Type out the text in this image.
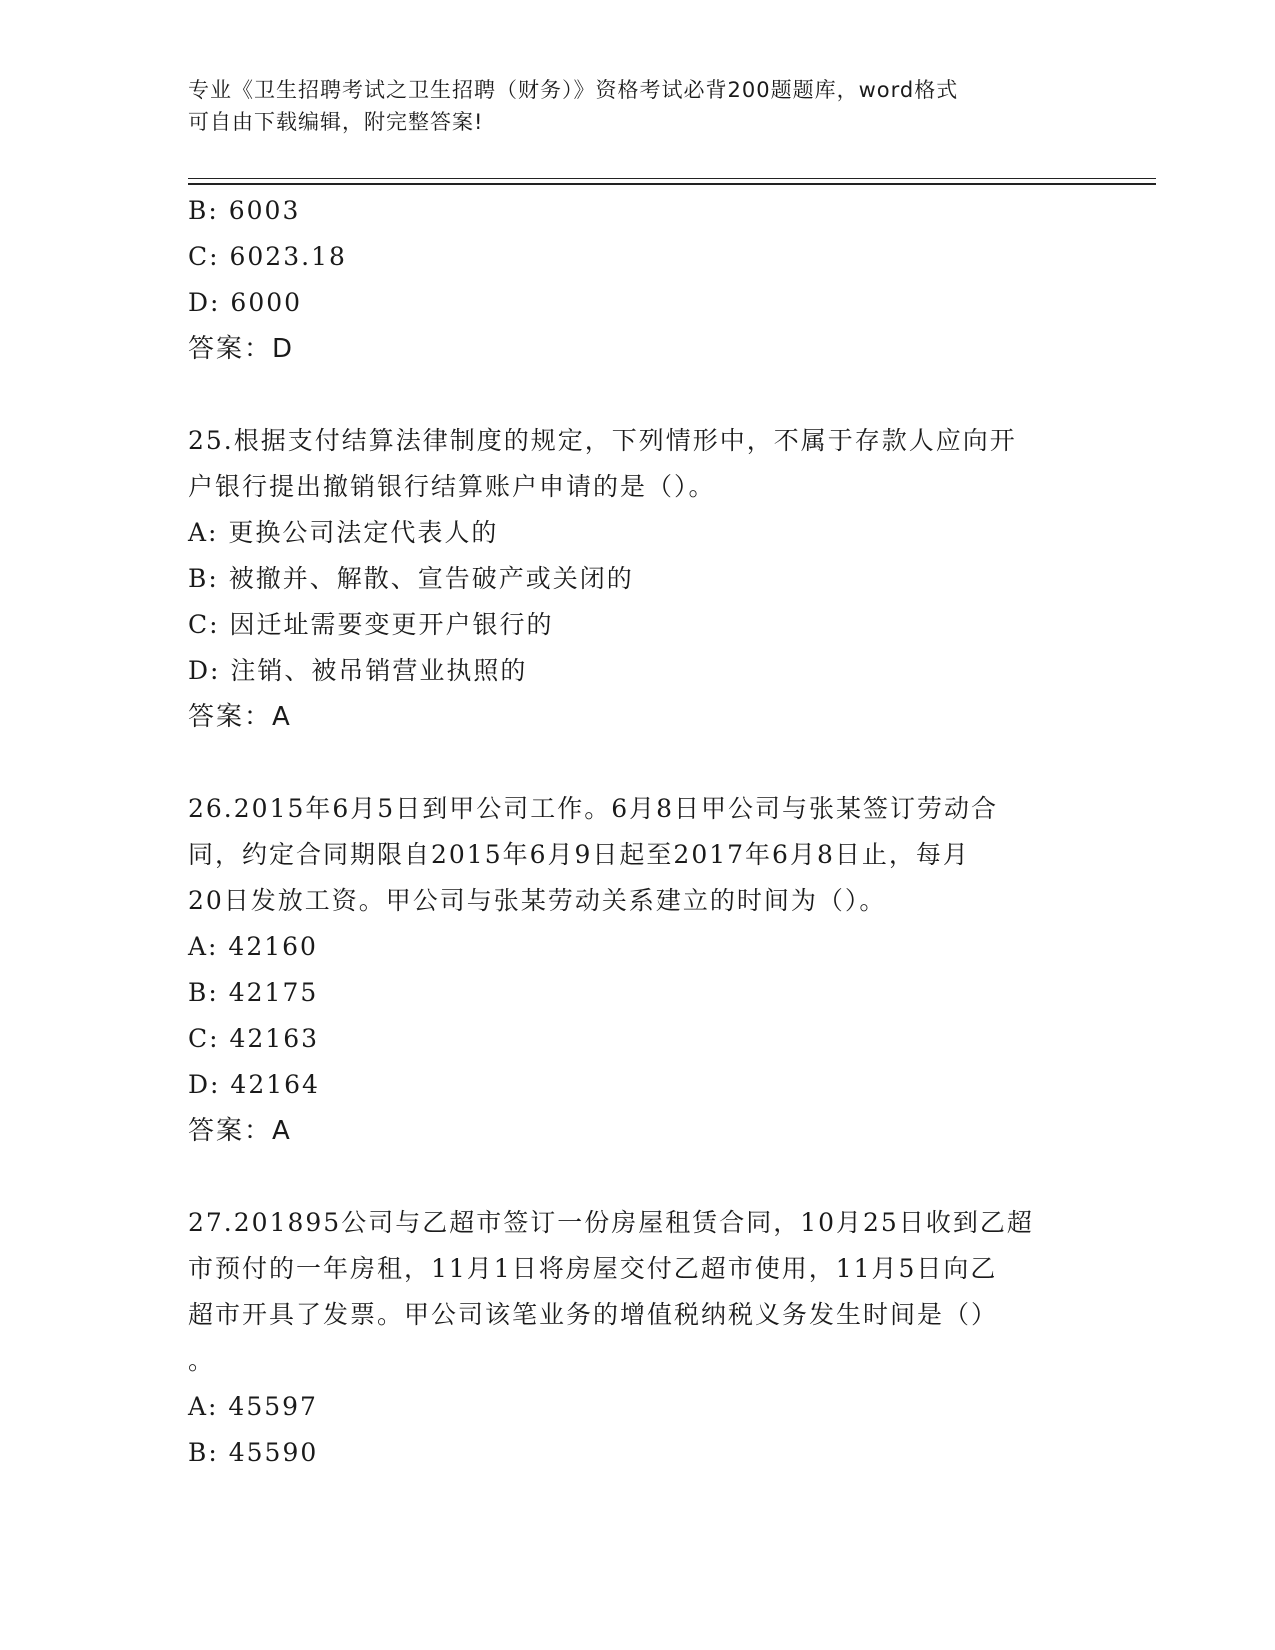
专业《卫生招聘考试之卫生招聘（财务）》资格考试必背200题题库，word格式
可自由下载编辑，附完整答案!
B: 6003
C: 6023.18
D: 6000
答案：D
25.根据支付结算法律制度的规定，下列情形中，不属于存款人应向开
户银行提出撤销银行结算账户申请的是（）。
A: 更换公司法定代表人的
B: 被撤并、解散、宣告破产或关闭的
C: 因迁址需要变更开户银行的
D: 注销、被吊销营业执照的
答案：A
26.2015年6月5日到甲公司工作。6月8日甲公司与张某签订劳动合
同，约定合同期限自2015年6月9日起至2017年6月8日止，每月
20日发放工资。甲公司与张某劳动关系建立的时间为（）。
A: 42160
B: 42175
C: 42163
D: 42164
答案：A
27.201895公司与乙超市签订一份房屋租赁合同，10月25日收到乙超
市预付的一年房租，11月1日将房屋交付乙超市使用，11月5日向乙
超市开具了发票。甲公司该笔业务的增值税纳税义务发生时间是（）
。
A: 45597
B: 45590
